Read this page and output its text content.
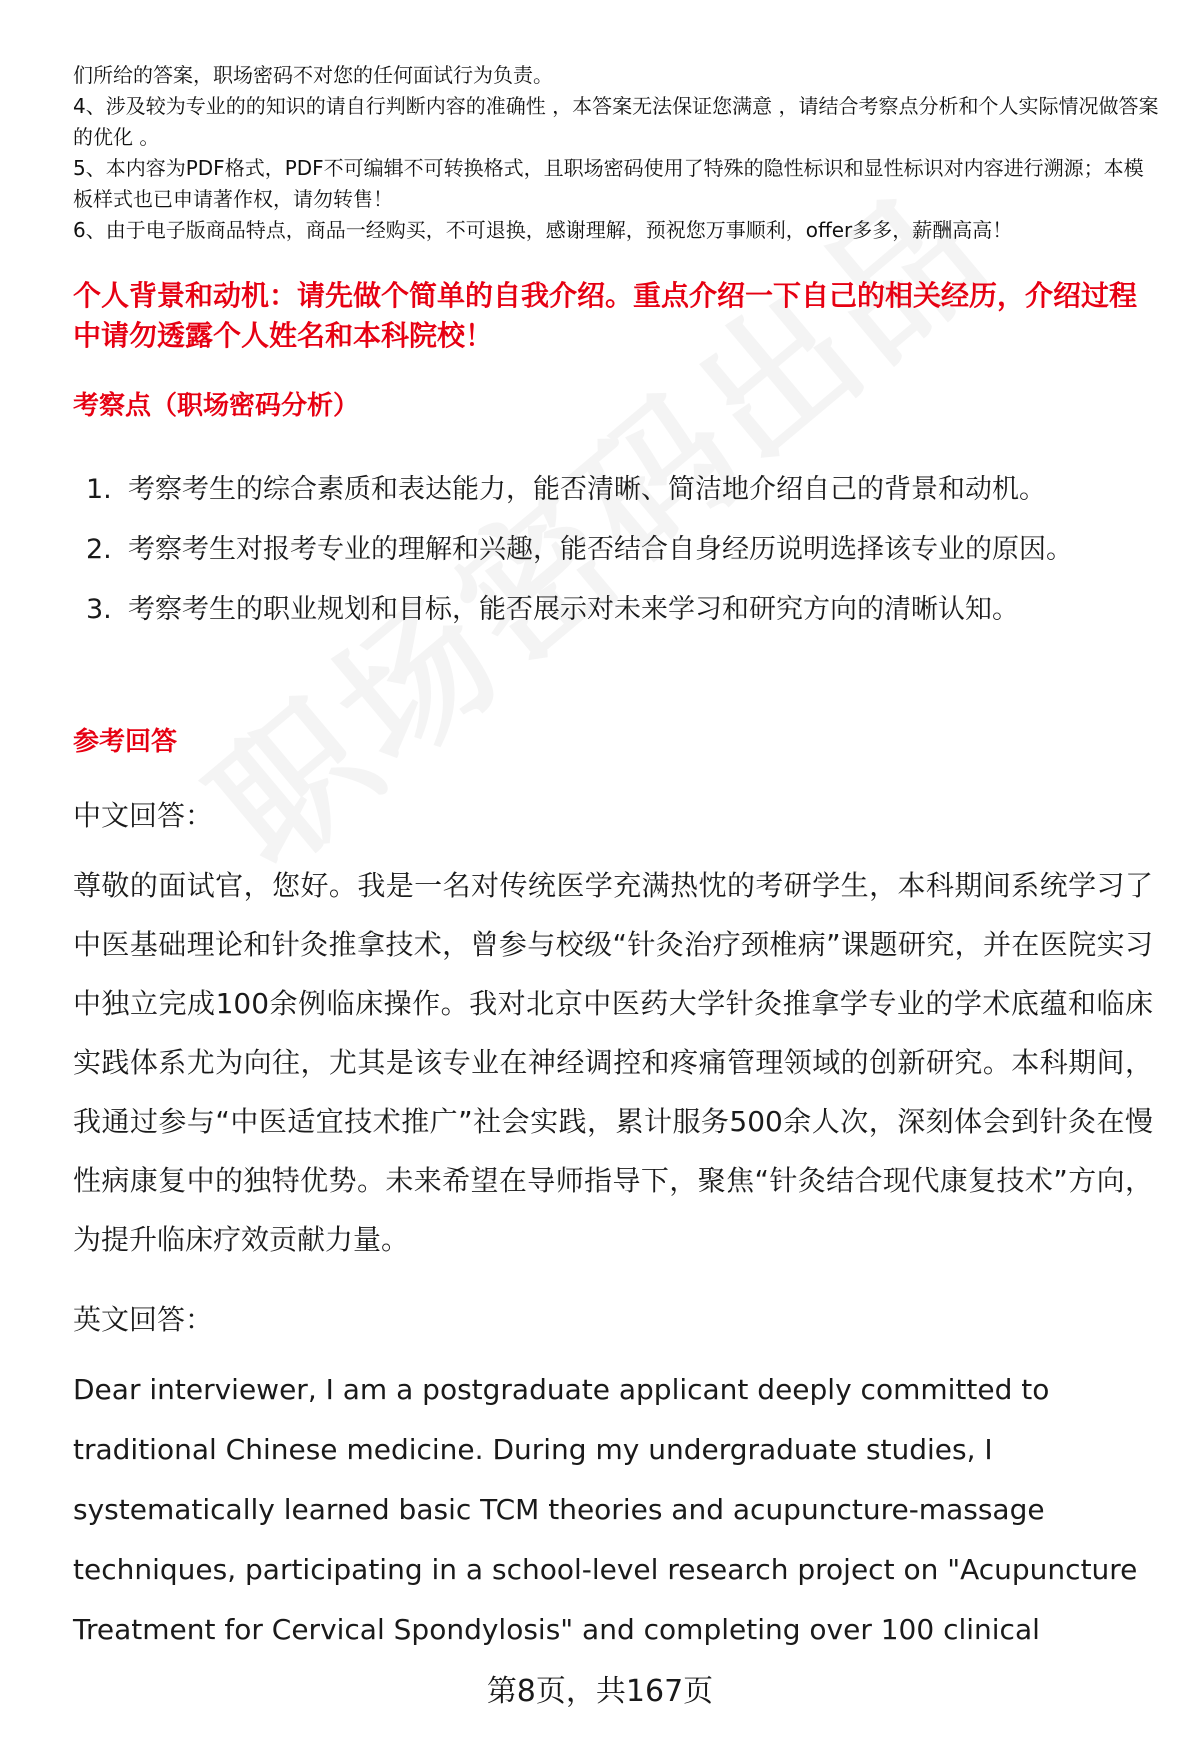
们所给的答案，职场密码不对您的任何面试行为负责。

4、涉及较为专业的的知识的请自行判断内容的准确性 ，本答案无法保证您满意 ，请结合考察点分析和个人实际情况做答案的优化 。

5、本内容为PDF格式，PDF不可编辑不可转换格式，且职场密码使用了特殊的隐性标识和显性标识对内容进行溯源；本模板样式也已申请著作权，请勿转售！

6、由于电子版商品特点，商品一经购买，不可退换，感谢理解，预祝您万事顺利，offer多多，薪酬高高！

个人背景和动机：请先做个简单的自我介绍。重点介绍一下自己的相关经历，介绍过程中请勿透露个人姓名和本科院校！
考察点（职场密码分析）
1. 考察考生的综合素质和表达能力，能否清晰、简洁地介绍自己的背景和动机。
2. 考察考生对报考专业的理解和兴趣，能否结合自身经历说明选择该专业的原因。
3. 考察考生的职业规划和目标，能否展示对未来学习和研究方向的清晰认知。
参考回答

中文回答：

尊敬的面试官，您好。我是一名对传统医学充满热忱的考研学生，本科期间系统学习了中医基础理论和针灸推拿技术，曾参与校级“针灸治疗颈椎病”课题研究，并在医院实习中独立完成100余例临床操作。我对北京中医药大学针灸推拿学专业的学术底蕴和临床实践体系尤为向往，尤其是该专业在神经调控和疼痛管理领域的创新研究。本科期间，我通过参与“中医适宜技术推广”社会实践，累计服务500余人次，深刻体会到针灸在慢性病康复中的独特优势。未来希望在导师指导下，聚焦“针灸结合现代康复技术”方向，为提升临床疗效贡献力量。

英文回答：

Dear interviewer, I am a postgraduate applicant deeply committed to traditional Chinese medicine. During my undergraduate studies, I systematically learned basic TCM theories and acupuncture-massage techniques, participating in a school-level research project on "Acupuncture Treatment for Cervical Spondylosis" and completing over 100 clinical

第8页，共167页
